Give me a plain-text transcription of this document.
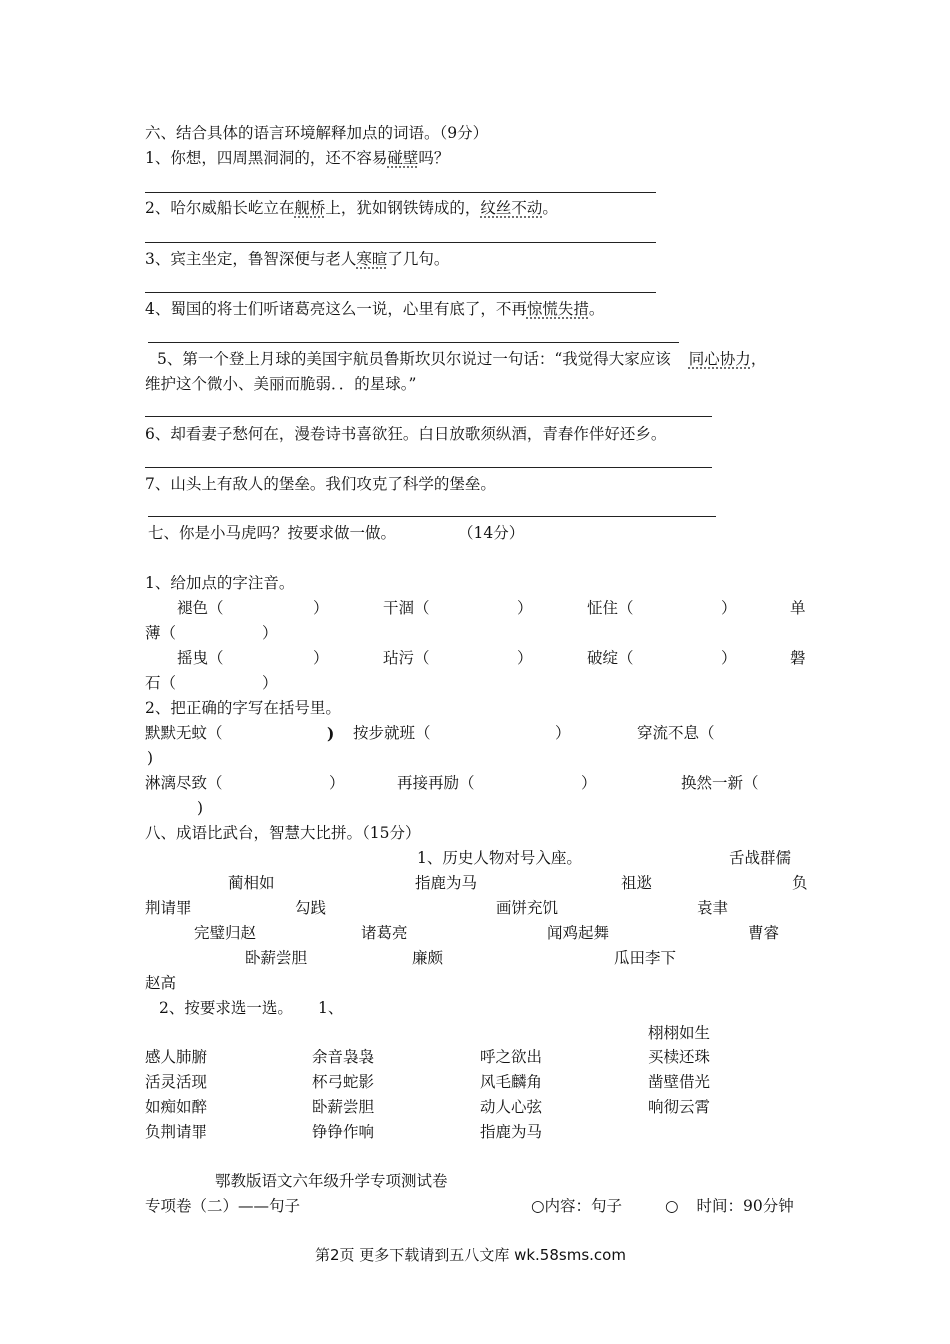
六、结合具体的语言环境解释加点的词语。（9分）
1、你想，四周黑洞洞的，还不容易碰壁吗？
2、哈尔威船长屹立在舰桥上，犹如钢铁铸成的，纹丝不动。
3、宾主坐定，鲁智深便与老人寒暄了几句。
4、蜀国的将士们听诸葛亮这么一说，心里有底了，不再惊慌失措。
5、第一个登上月球的美国宇航员鲁斯坎贝尔说过一句话：“我觉得大家应该 同心协力，
维护这个微小、美丽而脆弱．．的星球。”
6、却看妻子愁何在，漫卷诗书喜欲狂。白日放歌须纵酒，青春作伴好还乡。
7、山头上有敌人的堡垒。我们攻克了科学的堡垒。
七、你是小马虎吗？按要求做一做。	（14分）
1、给加点的字注音。
褪色（	）	干涸（	）	怔住（	）	单
薄（	）
摇曳（	）	玷污（	）	破绽（	）	磐
石（	）
2、把正确的字写在括号里。
默默无蚊（	) 按步就班（	）	穿流不息（
)
淋漓尽致（	）	再接再励（	）	换然一新（
)
八、成语比武台，智慧大比拼。（15分）
1、历史人物对号入座。	舌战群儒
蔺相如	指鹿为马	祖逖	负
荆请罪	勾践	画饼充饥	袁聿
完璧归赵	诸葛亮	闻鸡起舞	曹睿
卧薪尝胆	廉颇	瓜田李下
赵高
2、按要求选一选。 1、
栩栩如生
感人肺腑	余音袅袅	呼之欲出	买椟还珠
活灵活现	杯弓蛇影	风毛麟角	凿壁借光
如痴如醉	卧薪尝胆	动人心弦	响彻云霄
负荆请罪	铮铮作响	指鹿为马
鄂教版语文六年级升学专项测试卷
专项卷（二）——句子	○内容：句子	○ 时间：90分钟
第2页 更多下载请到五八文库 wk.58sms.com
